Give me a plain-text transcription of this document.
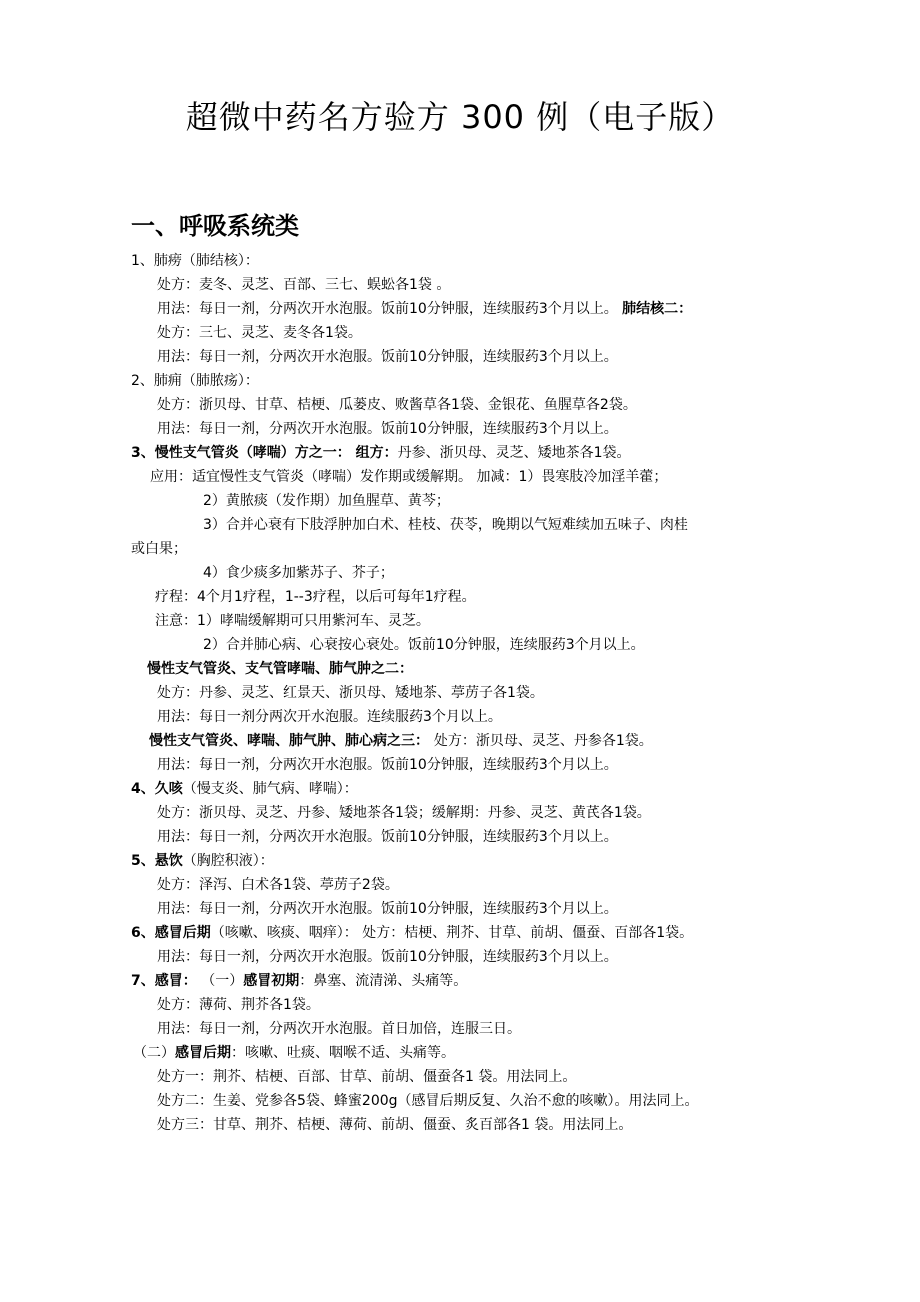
超微中药名方验方 300 例（电子版）
一、呼吸系统类
1、肺痨（肺结核）：
处方：麦冬、灵芝、百部、三七、蜈蚣各1袋 。
用法：每日一剂，分两次开水泡服。饭前10分钟服，连续服药3个月以上。 肺结核二：
处方：三七、灵芝、麦冬各1袋。
用法：每日一剂，分两次开水泡服。饭前10分钟服，连续服药3个月以上。
2、肺痈（肺脓疡）：
处方：浙贝母、甘草、桔梗、瓜蒌皮、败酱草各1袋、金银花、鱼腥草各2袋。
用法：每日一剂，分两次开水泡服。饭前10分钟服，连续服药3个月以上。
3、慢性支气管炎（哮喘）方之一： 组方：丹参、浙贝母、灵芝、矮地茶各1袋。
应用：适宜慢性支气管炎（哮喘）发作期或缓解期。 加减：1）畏寒肢冷加淫羊藿；
2）黄脓痰（发作期）加鱼腥草、黄芩；
3）合并心衰有下肢浮肿加白术、桂枝、茯苓，晚期以气短难续加五味子、肉桂
或白果；
4）食少痰多加紫苏子、芥子；
疗程：4个月1疗程，1--3疗程，以后可每年1疗程。
注意：1）哮喘缓解期可只用紫河车、灵芝。
2）合并肺心病、心衰按心衰处。饭前10分钟服，连续服药3个月以上。
慢性支气管炎、支气管哮喘、肺气肿之二：
处方：丹参、灵芝、红景天、浙贝母、矮地茶、葶苈子各1袋。
用法：每日一剂分两次开水泡服。连续服药3个月以上。
慢性支气管炎、哮喘、肺气肿、肺心病之三： 处方：浙贝母、灵芝、丹参各1袋。
用法：每日一剂，分两次开水泡服。饭前10分钟服，连续服药3个月以上。
4、久咳（慢支炎、肺气病、哮喘）：
处方：浙贝母、灵芝、丹参、矮地茶各1袋；缓解期：丹参、灵芝、黄芪各1袋。
用法：每日一剂，分两次开水泡服。饭前10分钟服，连续服药3个月以上。
5、悬饮（胸腔积液）：
处方：泽泻、白术各1袋、葶苈子2袋。
用法：每日一剂，分两次开水泡服。饭前10分钟服，连续服药3个月以上。
6、感冒后期（咳嗽、咳痰、咽痒）： 处方：桔梗、荆芥、甘草、前胡、僵蚕、百部各1袋。
用法：每日一剂，分两次开水泡服。饭前10分钟服，连续服药3个月以上。
7、感冒： （一）感冒初期：鼻塞、流清涕、头痛等。
处方：薄荷、荆芥各1袋。
用法：每日一剂，分两次开水泡服。首日加倍，连服三日。
（二）感冒后期：咳嗽、吐痰、咽喉不适、头痛等。
处方一：荆芥、桔梗、百部、甘草、前胡、僵蚕各1 袋。用法同上。
处方二：生姜、党参各5袋、蜂蜜200g（感冒后期反复、久治不愈的咳嗽）。用法同上。
处方三：甘草、荆芥、桔梗、薄荷、前胡、僵蚕、炙百部各1 袋。用法同上。
